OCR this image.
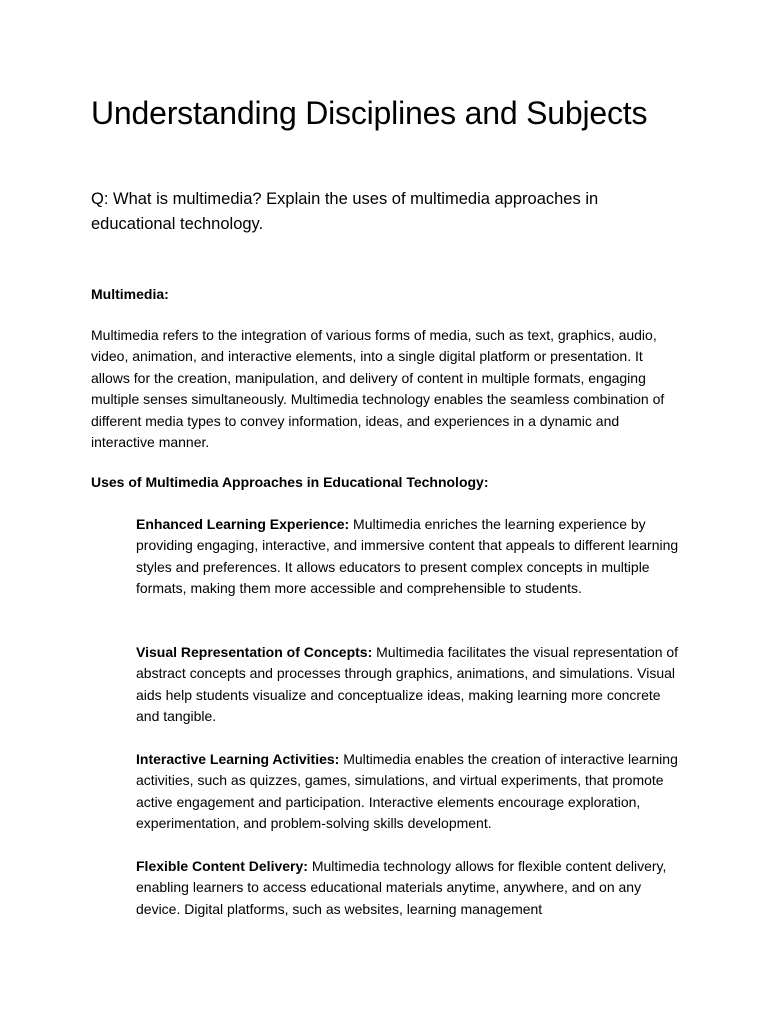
Understanding Disciplines and Subjects

Q: What is multimedia? Explain the uses of multimedia approaches in educational technology.

Multimedia:

Multimedia refers to the integration of various forms of media, such as text, graphics, audio, video, animation, and interactive elements, into a single digital platform or presentation. It allows for the creation, manipulation, and delivery of content in multiple formats, engaging multiple senses simultaneously. Multimedia technology enables the seamless combination of different media types to convey information, ideas, and experiences in a dynamic and interactive manner.

Uses of Multimedia Approaches in Educational Technology:

Enhanced Learning Experience: Multimedia enriches the learning experience by providing engaging, interactive, and immersive content that appeals to different learning styles and preferences. It allows educators to present complex concepts in multiple formats, making them more accessible and comprehensible to students.

Visual Representation of Concepts: Multimedia facilitates the visual representation of abstract concepts and processes through graphics, animations, and simulations. Visual aids help students visualize and conceptualize ideas, making learning more concrete and tangible.

Interactive Learning Activities: Multimedia enables the creation of interactive learning activities, such as quizzes, games, simulations, and virtual experiments, that promote active engagement and participation. Interactive elements encourage exploration, experimentation, and problem-solving skills development.

Flexible Content Delivery: Multimedia technology allows for flexible content delivery, enabling learners to access educational materials anytime, anywhere, and on any device. Digital platforms, such as websites, learning management
